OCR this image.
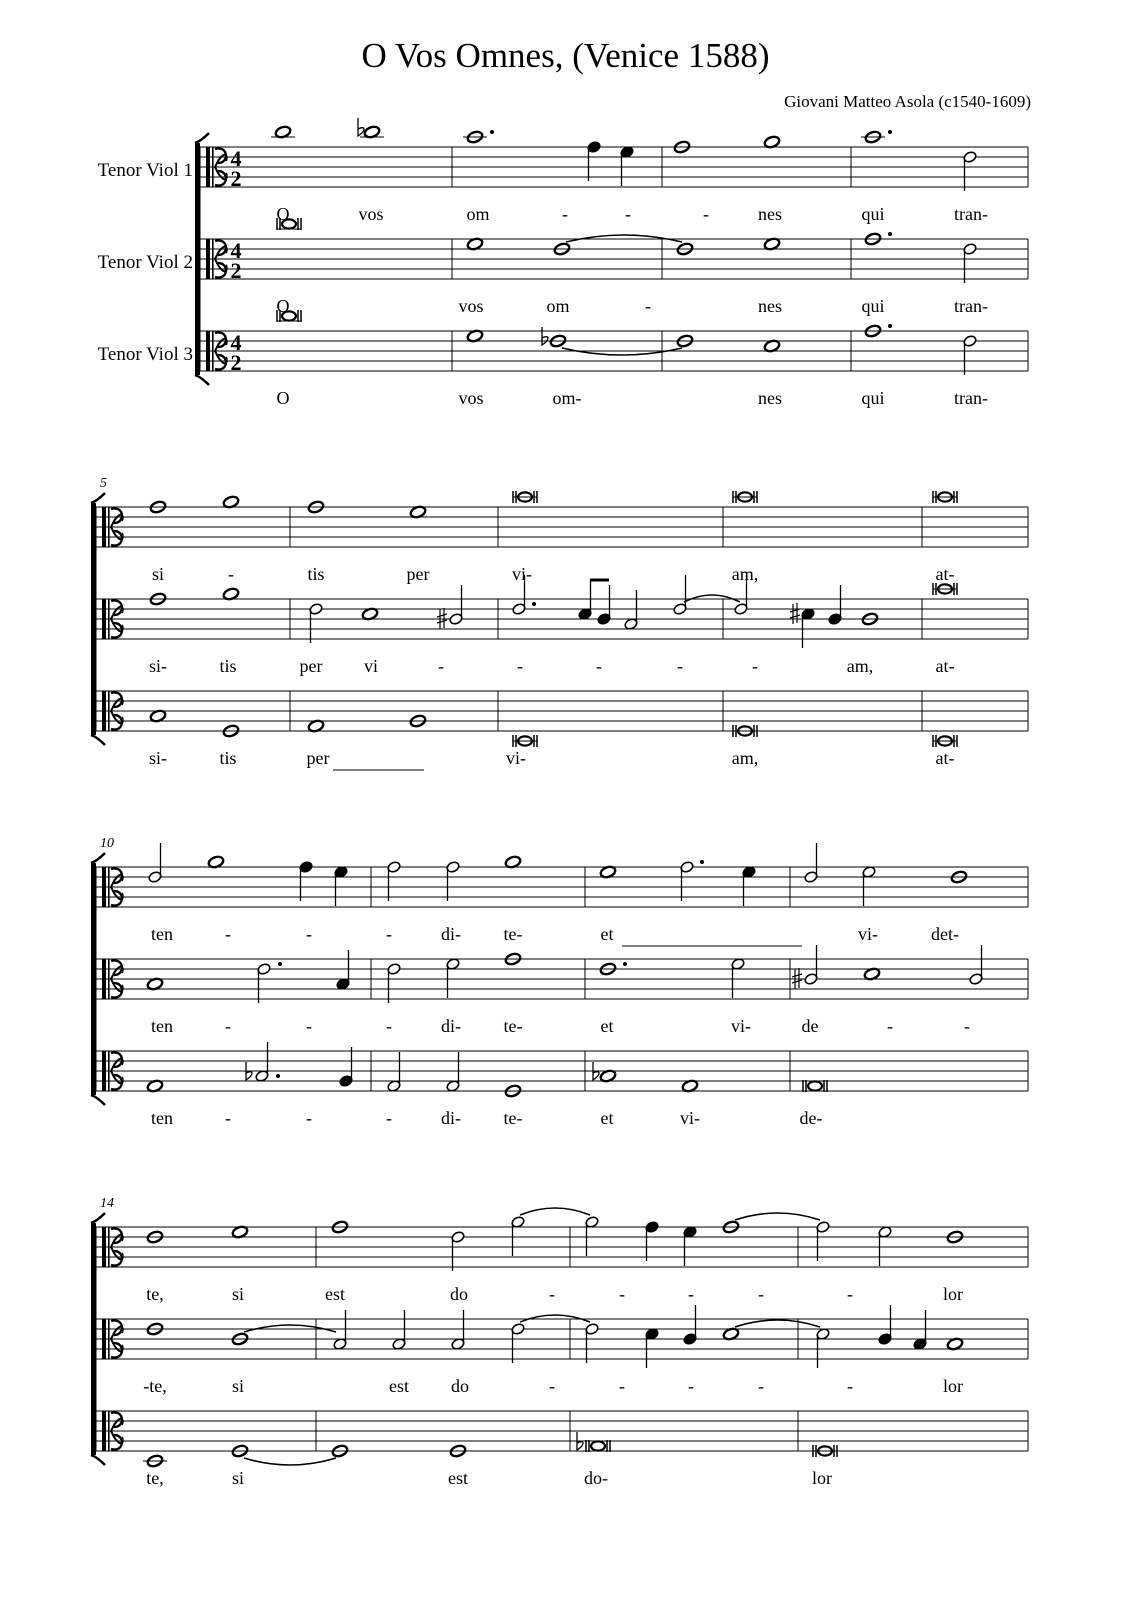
O Vos Omnes, (Venice 1588)
Giovani Matteo Asola (c1540-1609)
Tenor Viol 1
Tenor Viol 2
Tenor Viol 3
5
10
14
4
2
4
2
4
2
O	vos	om	-	-	-	nes	qui	tran-
O	vos	om	-	nes	qui	tran-
O	vos	om-	nes	qui	tran-
si	-	tis	per	vi-	am,	at-
si-	tis	per vi	-	-	-	-	-	am,	at-
si-	tis	per	vi-	am,	at-
ten	-	-	-	di- te-	et	vi-	det-
ten	-	-	-	di- te-	et	vi-	de	-	-
ten	-	-	-	di- te-	et	vi-	de-
te,	si	est	do	-	-	-	-	-	lor
-te,	si	est do	-	-	-	-	-	lor
te,	si	est	do-	lor
